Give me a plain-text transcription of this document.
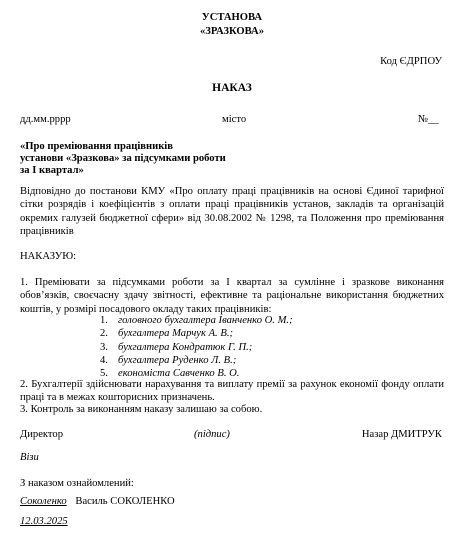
УСТАНОВА
«ЗРАЗКОВА»
Код ЄДРПОУ
НАКАЗ
дд.мм.рррр	місто	№__
«Про преміювання працівників
установи «Зразкова» за підсумками роботи
за I квартал»
Відповідно до постанови КМУ «Про оплату праці працівників на основі Єдиної тарифної сітки розрядів і коефіцієнтів з оплати праці працівників установ, закладів та організацій окремих галузей бюджетної сфери» від 30.08.2002 № 1298, та Положення про преміювання працівників
НАКАЗУЮ:
1. Преміювати за підсумками роботи за I квартал за сумлінне і зразкове виконання обов’язків, своєчасну здачу звітності, ефективне та раціональне використання бюджетних коштів, у розмірі посадового окладу таких працівників:
1. головного бухгалтера Іванченко О. М.;
2. бухгалтера Марчук А. В.;
3. бухгалтера Кондратюк Г. П.;
4. бухгалтера Руденко Л. В.;
5. економіста Савченко В. О.
2. Бухгалтерії здійснювати нарахування та виплату премії за рахунок економії фонду оплати праці та в межах кошторисних призначень.
3. Контроль за виконанням наказу залишаю за собою.
Директор	(підпис)	Назар ДМИТРУК
Візи
З наказом ознайомлений:
Соколенко Василь СОКОЛЕНКО
12.03.2025
